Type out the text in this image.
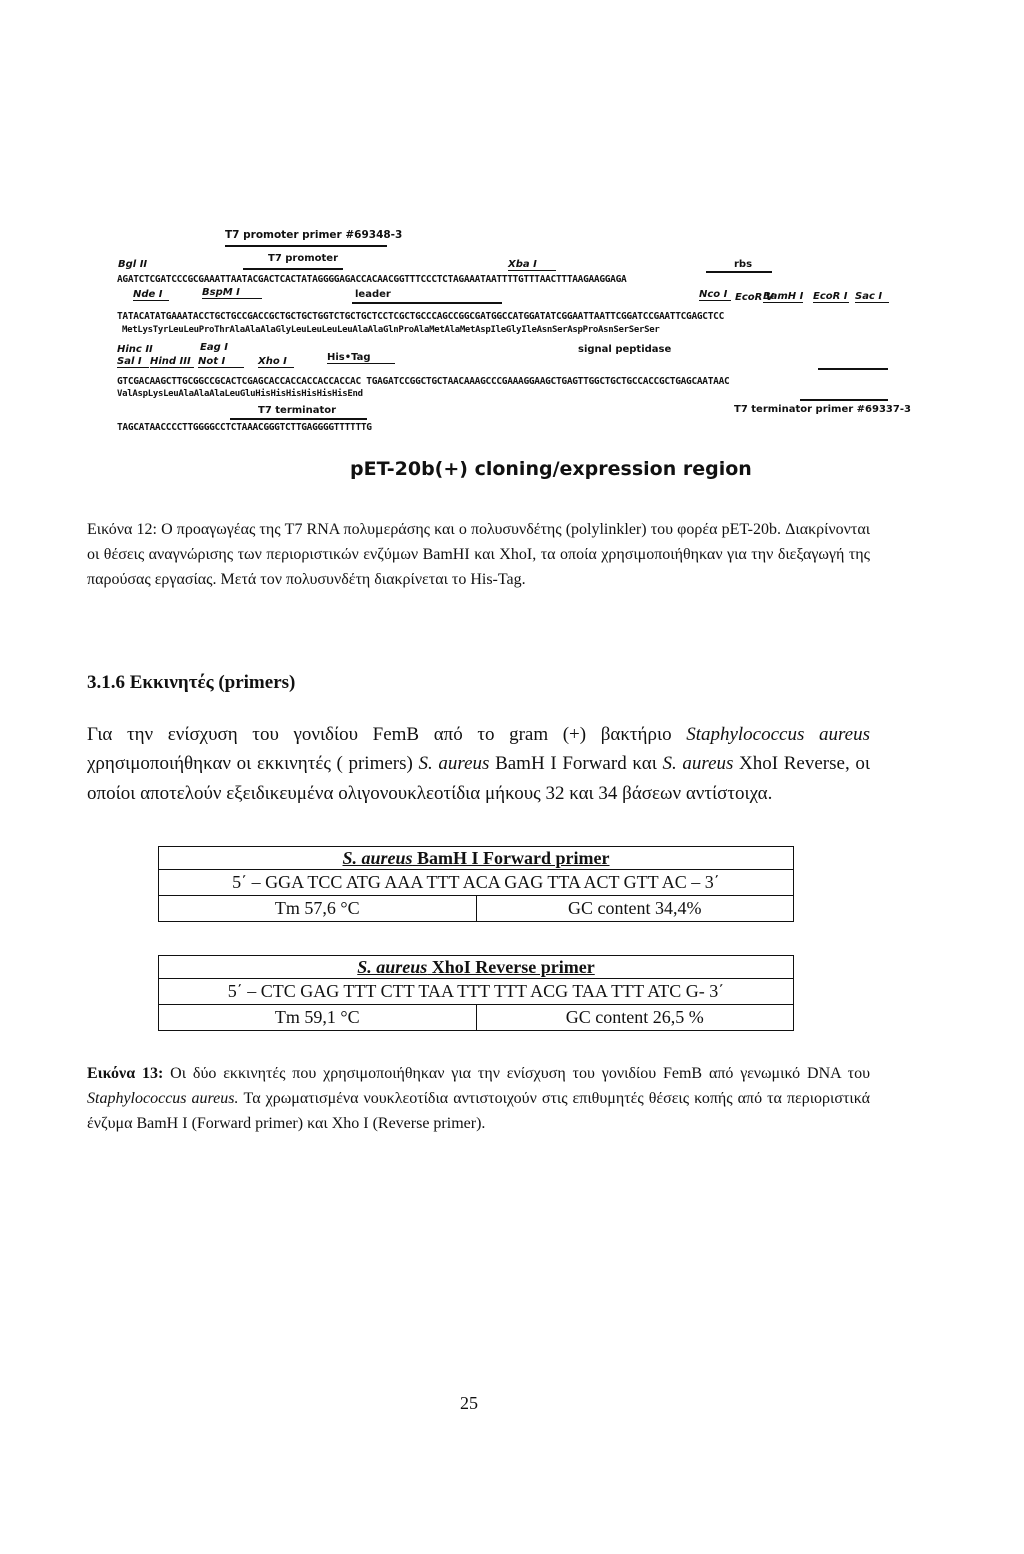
T7 promoter primer #69348-3
T7 promoter
Bgl II	Xba I	rbs
AGATCTCGATCCCGCGAAATTAATACGACTCACTATAGGGGAGACCACAACGGTTTCCCTCTAGAAATAATTTTGTTTAACTTTAAGAAGGAGA
Nde I	BspM I	leader	Nco I EcoR V
BamH I EcoR I Sac I
TATACATATGAAATACCTGCTGCCGACCGCTGCTGCTGGTCTGCTGCTCCTCGCTGCCCAGCCGGCGATGGCCATGGATATCGGAATTAATTCGGATCCGAATTCGAGCTCC
MetLysTyrLeuLeuProThrAlaAlaAlaGlyLeuLeuLeuLeuAlaAlaGlnProAlaMetAlaMetAspIleGlyIleAsnSerAspProAsnSerSerSer
Hinc II	Eag I	signal peptidase
Sal I Hind III Not I	Xho I	His•Tag
GTCGACAAGCTTGCGGCCGCACTCGAGCACCACCACCACCACCAC TGAGATCCGGCTGCTAACAAAGCCCGAAAGGAAGCTGAGTTGGCTGCTGCCACCGCTGAGCAATAAC
ValAspLysLeuAlaAlaAlaLeuGluHisHisHisHisHisHisEnd
T7 terminator primer #69337-3
T7 terminator
TAGCATAACCCCTTGGGGCCTCTAAACGGGTCTTGAGGGGTTTTTTG
pET-20b(+) cloning/expression region
Εικόνα 12: Ο προαγωγέας της T7 RNA πολυμεράσης και ο πολυσυνδέτης (polylinkler) του φορέα pET-20b. Διακρίνονται οι θέσεις αναγνώρισης των περιοριστικών ενζύμων BamHI και XhoI, τα οποία χρησιμοποιήθηκαν για την διεξαγωγή της παρούσας εργασίας. Μετά τον πολυσυνδέτη διακρίνεται το His-Tag.
3.1.6 Εκκινητές (primers)
Για την ενίσχυση του γονιδίου FemB από το gram (+) βακτήριο Staphylococcus aureus χρησιμοποιήθηκαν οι εκκινητές ( primers) S. aureus BamH I Forward και S. aureus XhoI Reverse, οι οποίοι αποτελούν εξειδικευμένα ολιγονουκλεοτίδια μήκους 32 και 34 βάσεων αντίστοιχα.
S. aureus BamH I Forward primer
5΄ – GGA TCC ATG AAA TTT ACA GAG TTA ACT GTT AC – 3΄
Tm 57,6 °C	GC content 34,4%
S. aureus XhoI Reverse primer
5΄ – CTC GAG TTT CTT TAA TTT TTT ACG TAA TTT ATC G- 3΄
Tm 59,1 °C	GC content 26,5 %
Εικόνα 13: Οι δύο εκκινητές που χρησιμοποιήθηκαν για την ενίσχυση του γονιδίου FemB από γενωμικό DNA του Staphylococcus aureus. Τα χρωματισμένα νουκλεοτίδια αντιστοιχούν στις επιθυμητές θέσεις κοπής από τα περιοριστικά ένζυμα BamH I (Forward primer) και Xho I (Reverse primer).
25
